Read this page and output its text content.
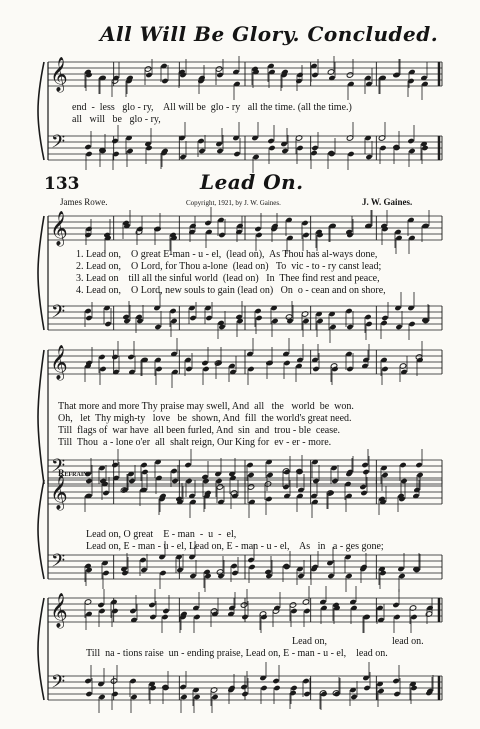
𝄞
𝄢
𝄞
𝄢
𝄞
𝄢
𝄞
𝄢
𝄞
𝄢
All Will Be Glory. Concluded.
end  -  less   glo - ry,    All will be  glo - ry   all the time. (all the time.)
all   will   be   glo - ry,
133	Lead On.
James Rowe.	Copyright, 1921, by J. W. Gaines.	J. W. Gaines.
1. Lead on,    O great E-man - u - el,  (lead on),  As Thou has al-ways done,
2. Lead on,    O Lord, for Thou a-lone  (lead on)   To  vic - to - ry canst lead;
3. Lead on    till all the sinful world  (lead on)   In  Thee find rest and peace,
4. Lead on,    O Lord, new souls to gain (lead on)   On  o - cean and on shore,
That more and more Thy praise may swell, And  all   the   world  be  won.
Oh,   let  Thy migh-ty   love   be  shown, And  fill  the world's great need.
Till  flags of  war have  all been furled, And  sin  and  trou - ble  cease.
Till  Thou  a - lone o'er  all  shalt reign, Our King for  ev - er - more.
Refrain.
Lead on, O great    E - man  -  u  -  el,
Lead on, E - man - u - el, Lead on, E - man - u - el,    As   in   a - ges gone;
Lead on,                          lead on.
Till  na - tions raise  un - ending praise, Lead on, E - man - u - el,    lead on.
